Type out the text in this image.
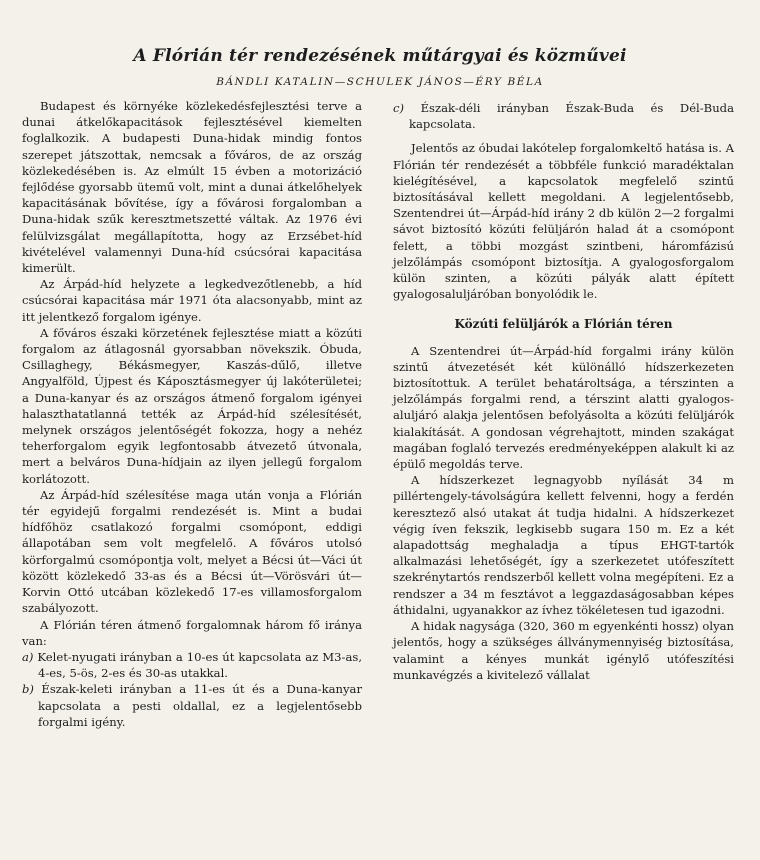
A Flórián tér rendezésének műtárgyai és közművei
BÁNDLI KATALIN—SCHULEK JÁNOS—ÉRY BÉLA

Budapest és környéke közlekedésfejlesztési terve a dunai átkelőkapacitások fejlesztésével kiemelten foglalkozik. A budapesti Duna-hidak mindig fontos szerepet játszottak, nemcsak a főváros, de az ország közlekedésében is. Az elmúlt 15 évben a motorizáció fejlődése gyorsabb ütemű volt, mint a dunai átkelőhelyek kapacitásának bővítése, így a fővárosi forgalomban a Duna-hidak szűk keresztmetszetté váltak. Az 1976 évi felülvizsgálat megállapította, hogy az Erzsébet-híd kivételével valamennyi Duna-híd csúcsórai kapacitása kimerült.

Az Árpád-híd helyzete a legkedvezőtlenebb, a híd csúcsórai kapacitása már 1971 óta alacsonyabb, mint az itt jelentkező forgalom igénye.

A főváros északi körzetének fejlesztése miatt a közúti forgalom az átlagosnál gyorsabban növekszik. Óbuda, Csillaghegy, Békásmegyer, Kaszás-dűlő, illetve Angyalföld, Újpest és Káposztásmegyer új lakóterületei; a Duna-kanyar és az országos átmenő forgalom igényei halaszthatatlanná tették az Árpád-híd szélesítését, melynek országos jelentőségét fokozza, hogy a nehéz teherforgalom egyik legfontosabb átvezető útvonala, mert a belváros Duna-hídjain az ilyen jellegű forgalom korlátozott.

Az Árpád-híd szélesítése maga után vonja a Flórián tér egyidejű forgalmi rendezését is. Mint a budai hídfőhöz csatlakozó forgalmi csomópont, eddigi állapotában sem volt megfelelő. A főváros utolsó körforgalmú csomópontja volt, melyet a Bécsi út—Váci út között közlekedő 33-as és a Bécsi út—Vörösvári út—Korvin Ottó utcában közlekedő 17-es villamosforgalom szabályozott.

A Flórián téren átmenő forgalomnak három fő iránya van:

a) Kelet-nyugati irányban a 10-es út kapcsolata az M3-as, 4-es, 5-ös, 2-es és 30-as utakkal.
b) Észak-keleti irányban a 11-es út és a Duna-kanyar kapcsolata a pesti oldallal, ez a legjelentősebb forgalmi igény.
c) Észak-déli irányban Észak-Buda és Dél-Buda kapcsolata.

Jelentős az óbudai lakótelep forgalomkeltő hatása is. A Flórián tér rendezését a többféle funkció maradéktalan kielégítésével, a kapcsolatok megfelelő szintű biztosításával kellett megoldani. A legjelentősebb, Szentendrei út—Árpád-híd irány 2 db külön 2—2 forgalmi sávot biztosító közúti felüljárón halad át a csomópont felett, a többi mozgást szintbeni, háromfázisú jelzőlámpás csomópont biztosítja. A gyalogosforgalom külön szinten, a közúti pályák alatt épített gyalogosaluljáróban bonyolódik le.

Közúti felüljárók a Flórián téren

A Szentendrei út—Árpád-híd forgalmi irány külön szintű átvezetését két különálló hídszerkezeten biztosítottuk. A terület behatároltsága, a térszinten a jelzőlámpás forgalmi rend, a térszint alatti gyalogos-aluljáró alakja jelentősen befolyásolta a közúti felüljárók kialakítását. A gondosan végrehajtott, minden szakágat magában foglaló tervezés eredményeképpen alakult ki az épülő megoldás terve.

A hídszerkezet legnagyobb nyílását 34 m pillértengely-távolságúra kellett felvenni, hogy a ferdén keresztező alsó utakat át tudja hidalni. A hídszerkezet végig íven fekszik, legkisebb sugara 150 m. Ez a két alapadottság meghaladja a típus EHGT-tartók alkalmazási lehetőségét, így a szerkezetet utófeszített szekrénytartós rendszerből kellett volna megépíteni. Ez a rendszer a 34 m fesztávot a leggazdaságosabban képes áthidalni, ugyanakkor az ívhez tökéletesen tud igazodni.

A hidak nagysága (320, 360 m egyenkénti hossz) olyan jelentős, hogy a szükséges állványmennyiség biztosítása, valamint a kényes munkát igénylő utófeszítési munkavégzés a kivitelező vállalat
